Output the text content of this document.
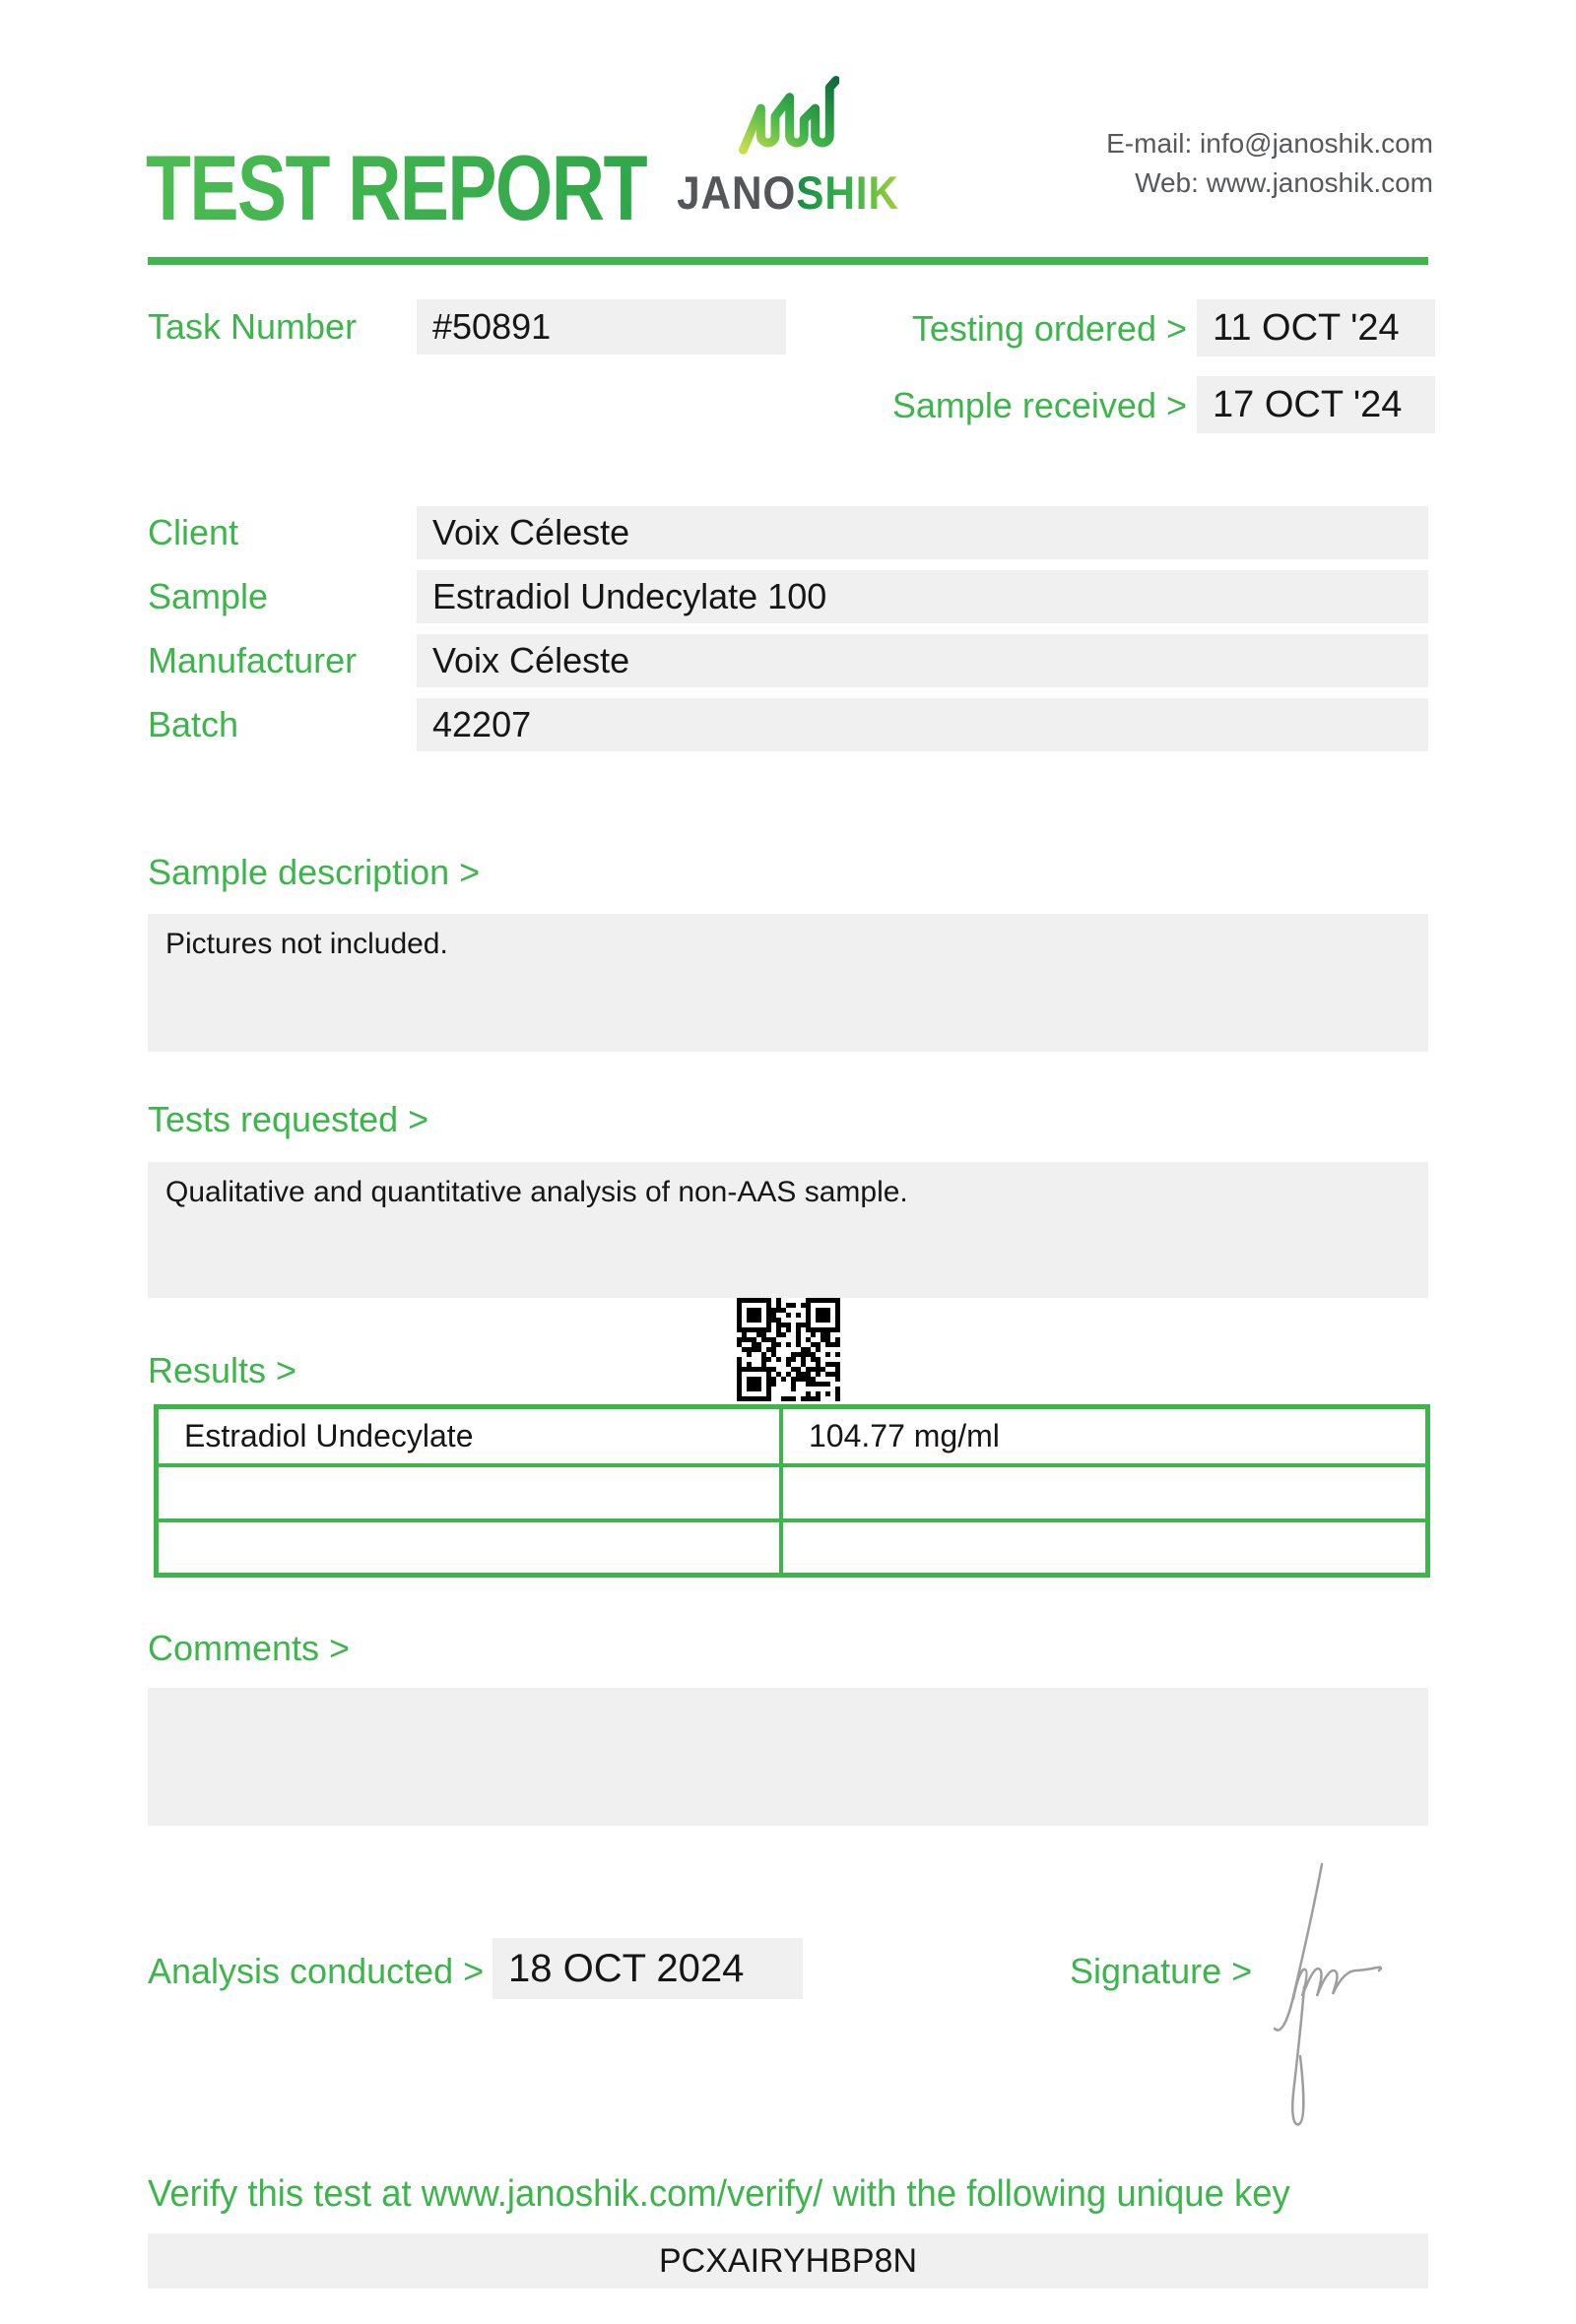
TEST REPORT JANOSHIK
E-mail: info@janoshik.com
Web: www.janoshik.com
Task Number	#50891	Testing ordered > 11 OCT '24
Sample received > 17 OCT '24
Client	Voix Céleste
Sample	Estradiol Undecylate 100
Manufacturer	Voix Céleste
Batch	42207
Sample description >
Pictures not included.
Tests requested >
Qualitative and quantitative analysis of non-AAS sample.
Results >
Estradiol Undecylate	104.77 mg/ml
Comments >
Analysis conducted > 18 OCT 2024	Signature >
Verify this test at www.janoshik.com/verify/ with the following unique key
PCXAIRYHBP8N
